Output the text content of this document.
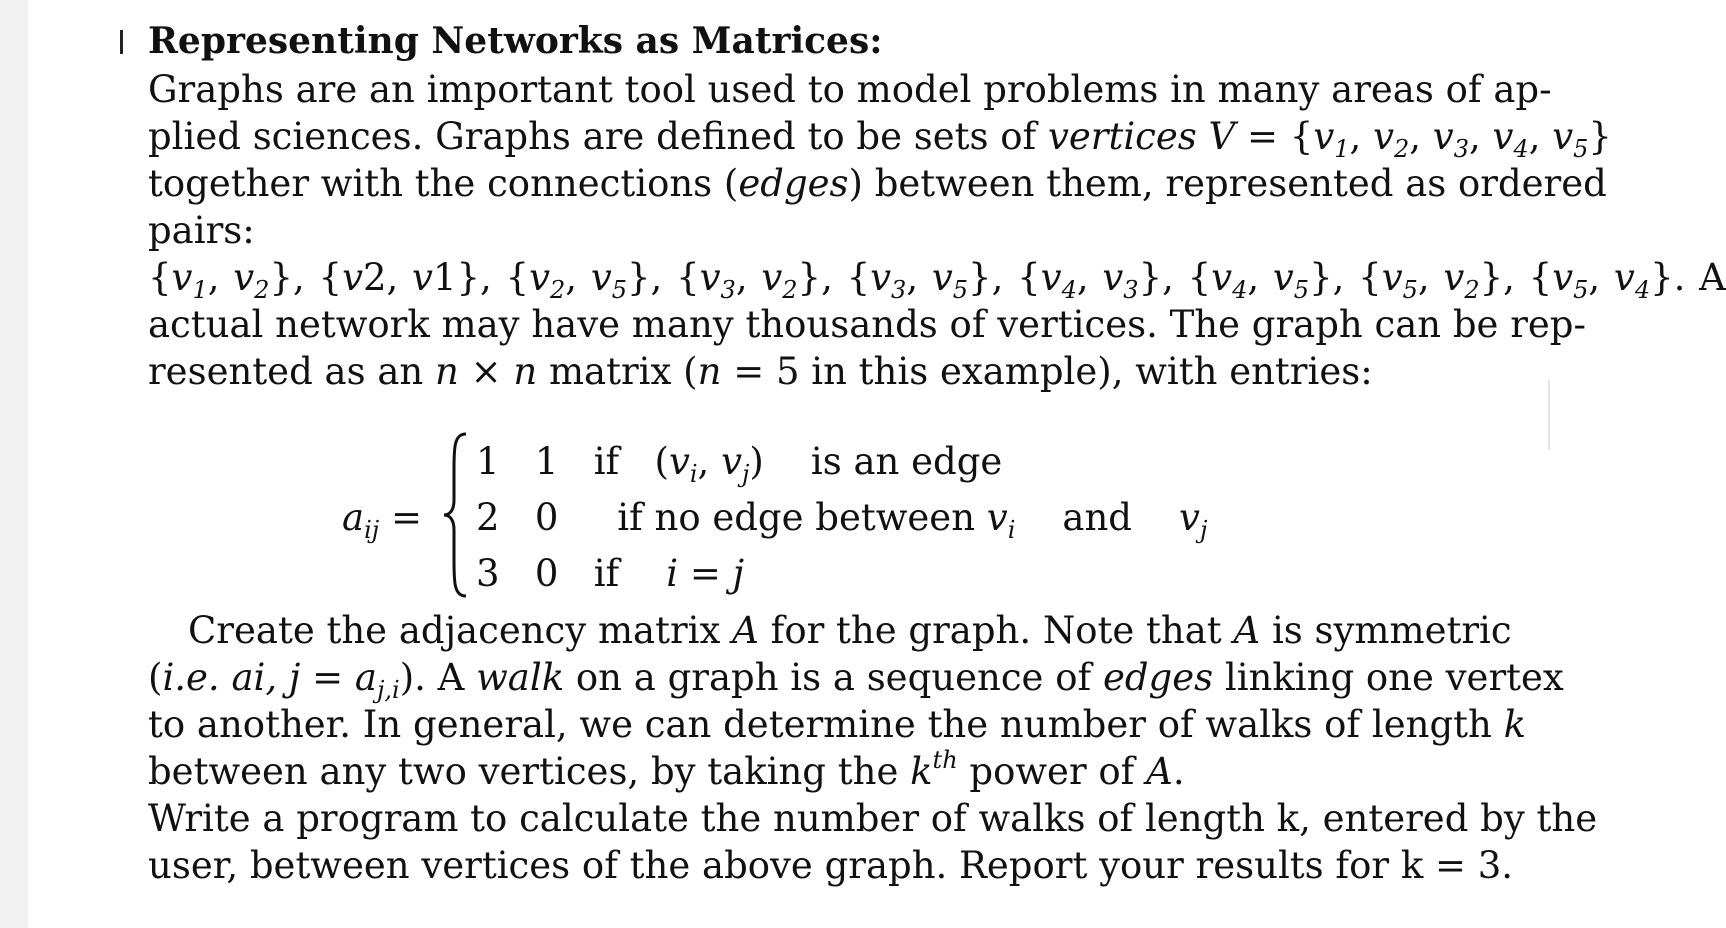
Representing Networks as Matrices:
Graphs are an important tool used to model problems in many areas of ap-
plied sciences. Graphs are defined to be sets of vertices $V = \{v_1$, $v_2$, $v_3$, $v_4$, $v_5$}
together with the connections (edges) between them, represented as ordered
pairs:
{$v_1$, $v_2$}, {v2, v1}, {$v_2$, $v_5$}, {$v_3$, $v_2$}, {$v_3$, $v_5$}, {$v_4$, $v_3$}, {$v_4$, $v_5$}, {$v_5$, $v_2$}, {$v_5$, $v_4$}. A
actual network may have many thousands of vertices. The graph can be rep-
resented as an n × n matrix (n = 5 in this example), with entries:
$a_{ij}$ =
1 1 if   ($v_i$, $v_j$)    is an edge
2 0     if no edge between $v_i$ and $v_j$
3 0 if i = j
Create the adjacency matrix A for the graph. Note that A is symmetric
(i.e. ai, $j = a_{j,i}$). A walk on a graph is a sequence of edges linking one vertex
to another. In general, we can determine the number of walks of length k
between any two vertices, by taking the $k^{th}$ power of A.
Write a program to calculate the number of walks of length k, entered by the
user, between vertices of the above graph. Report your results for k = 3.
